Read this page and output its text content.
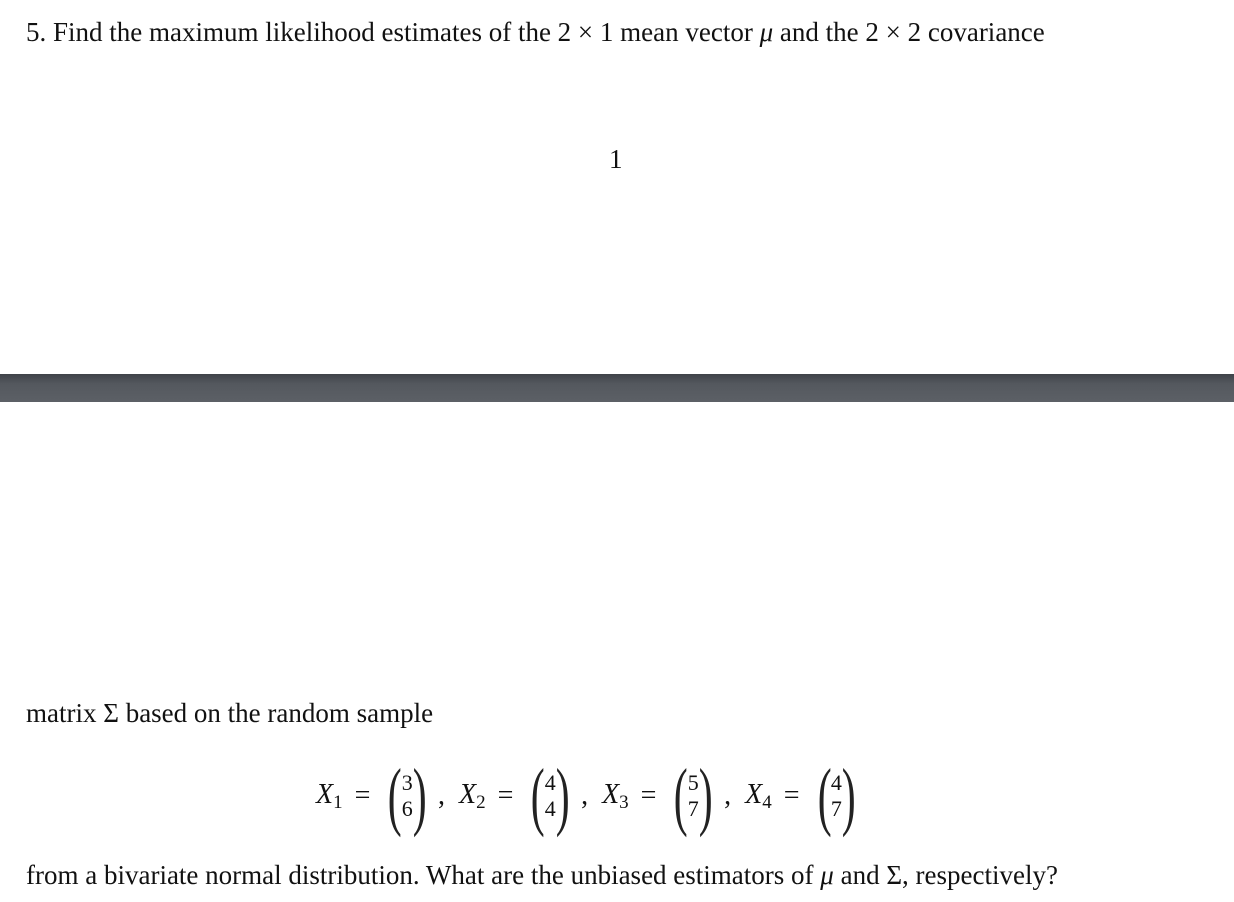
5. Find the maximum likelihood estimates of the 2 × 1 mean vector μ and the 2 × 2 covariance
1
matrix Σ based on the random sample
$X_1$ = ( 3
6 ) , $X_2$ = ( 4
4 ) , $X_3$ = ( 5
7 ) , $X_4$ = ( 4
7 )
from a bivariate normal distribution. What are the unbiased estimators of μ and Σ, respectively?
